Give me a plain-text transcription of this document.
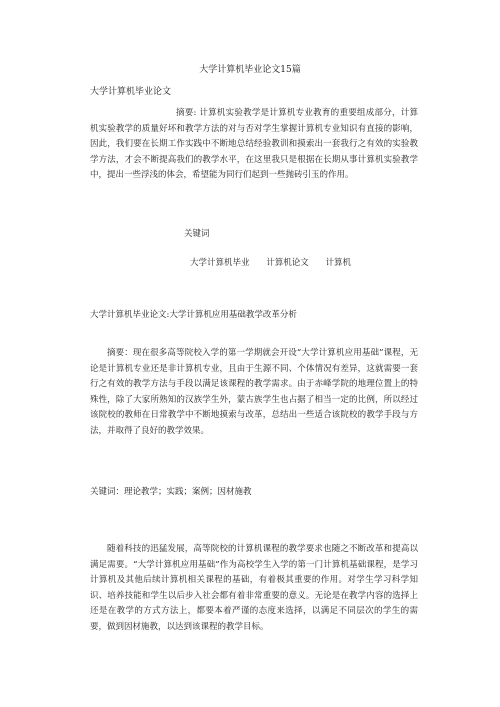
大学计算机毕业论文15篇
大学计算机毕业论文

摘要: 计算机实验教学是计算机专业教育的重要组成部分，计算机实验教学的质量好坏和教学方法的对与否对学生掌握计算机专业知识有直接的影响，因此，我们要在长期工作实践中不断地总结经验教训和摸索出一套我行之有效的实验教学方法，才会不断提高我们的教学水平，在这里我只是根据在长期从事计算机实验教学中，提出一些浮浅的体会，希望能为同行们起到一些抛砖引玉的作用。

关键词
大学计算机毕业 计算机论文 计算机
大学计算机毕业论文:大学计算机应用基础教学改革分析

摘要：现在很多高等院校入学的第一学期就会开设“大学计算机应用基础”课程，无论是计算机专业还是非计算机专业，且由于生源不同、个体情况有差异，这就需要一套行之有效的教学方法与手段以满足该课程的教学需求。由于赤峰学院的地理位置上的特殊性，除了大家所熟知的汉族学生外，蒙古族学生也占据了相当一定的比例，所以经过该院校的教师在日常教学中不断地摸索与改革，总结出一些适合该院校的教学手段与方法，并取得了良好的教学效果。

关键词：理论教学；实践；案例；因材施教

随着科技的迅猛发展，高等院校的计算机课程的教学要求也随之不断改革和提高以满足需要。“大学计算机应用基础”作为高校学生入学的第一门计算机基础课程，是学习计算机及其他后续计算机相关课程的基础，有着极其重要的作用。对学生学习科学知识、培养技能和学生以后步入社会都有着非常重要的意义。无论是在教学内容的选择上还是在教学的方式方法上，都要本着严谨的态度来选择，以满足不同层次的学生的需要，做到因材施教，以达到该课程的教学目标。
